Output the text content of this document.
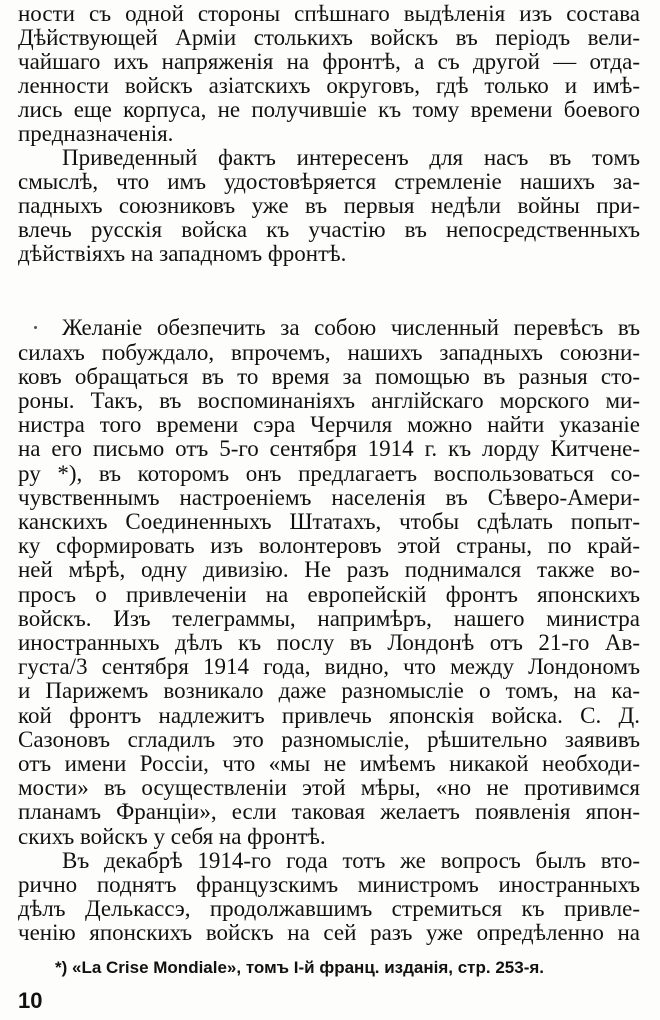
ности съ одной стороны спѣшнаго выдѣленія изъ состава
Дѣйствующей Арміи столькихъ войскъ въ періодъ вели-
чайшаго ихъ напряженія на фронтѣ, а съ другой — отда-
ленности войскъ азіатскихъ округовъ, гдѣ только и имѣ-
лись еще корпуса, не получившіе къ тому времени боевого
предназначенія.
Приведенный фактъ интересенъ для насъ въ тoмъ
смыслѣ, что имъ удостовѣряется стремленіе нашихъ за-
падныхъ союзниковъ уже въ первыя недѣли войны при-
влечь русскія войска къ участію въ непосредственныхъ
дѣйствіяхъ на западномъ фронтѣ.
Желаніе обезпечить за собою численный перевѣсъ въ
силахъ побуждало, впрочемъ, нашихъ западныхъ союзни-
ковъ обращаться въ то время за помощью въ разныя сто-
роны. Такъ, въ воспоминаніяхъ англійскаго морского ми-
нистра того времени сэра Черчиля можно найти указаніе
на его письмо отъ 5-го сентября 1914 г. къ лорду Китченe-
ру *), въ которомъ онъ предлагаетъ воспользоваться со-
чувственнымъ настроеніемъ населенія въ Сѣверо-Амери-
канскихъ Соединенныхъ Штатахъ, чтобы сдѣлать попыт-
ку сформировать изъ волонтеровъ этой страны, по край-
ней мѣрѣ, одну дивизію. Не разъ поднимался также во-
просъ о привлеченіи на европейскій фронтъ японскихъ
войскъ. Изъ телеграммы, напримѣръ, нашего министра
иностранныхъ дѣлъ къ послу въ Лондонѣ отъ 21-го Ав-
густа/3 сентября 1914 года, видно, что между Лондономъ
и Парижемъ возникало даже разномысліе о томъ, на ка-
кой фронтъ надлежитъ привлечь японскія войска. С. Д.
Сазоновъ сгладилъ это разномысліе, рѣшительно заявивъ
отъ имени Россіи, что «мы не имѣемъ никакой необходи-
мости» въ осуществленіи этой мѣры, «но не противимся
планамъ Франціи», если таковая желаетъ появленія япон-
скихъ войскъ у себя на фронтѣ.
Въ декабрѣ 1914-го года тотъ же вопросъ былъ вто-
рично поднятъ французскимъ министромъ иностранныхъ
дѣлъ Делькассэ, продолжавшимъ стремиться къ привле-
ченію японскихъ войскъ на сей разъ уже опредѣленно на
*) «La Crise Mondiale», томъ I-й франц. изданія, стр. 253-я.
10
